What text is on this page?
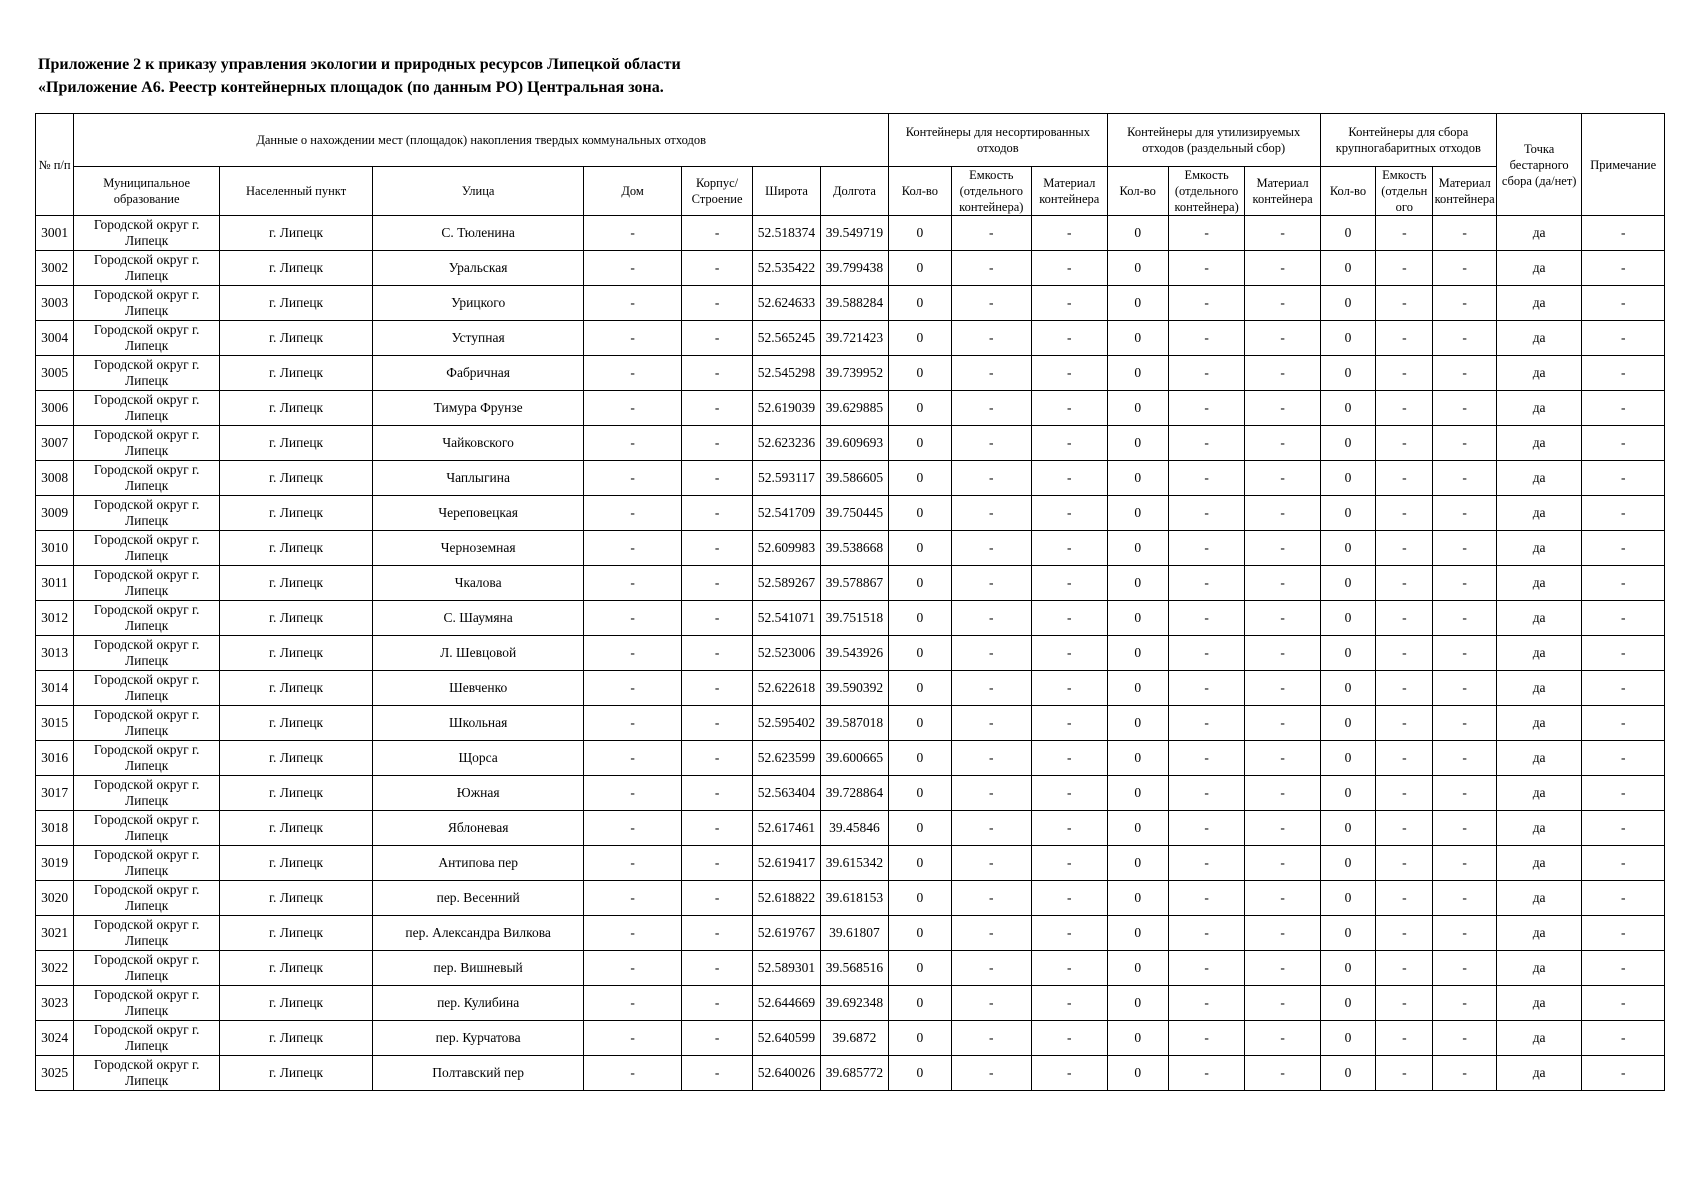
Приложение 2 к приказу управления экологии и природных ресурсов Липецкой области
«Приложение А6. Реестр контейнерных площадок (по данным РО) Центральная зона.
№ п/п	Данные о нахождении мест (площадок) накопления твердых коммунальных отходов							Контейнеры для несортированных отходов			Контейнеры для утилизируемых отходов (раздельный сбор)			Контейнеры для сбора крупногабаритных отходов			Точка бестарного сбора (да/нет)	Примечание
	Муниципальное образование	Населенный пункт	Улица	Дом	Корпус/ Строение	Широта	Долгота	Кол-во	Емкость (отдельного контейнера)	Материал контейнера	Кол-во	Емкость (отдельного контейнера)	Материал контейнера	Кол-во	Емкость (отдельн ого	Материал контейнера		
3001	Городской округ г. Липецк	г. Липецк	С. Тюленина	-	-	52.518374	39.549719	0	-	-	0	-	-	0	-	-	да	-
3002	Городской округ г. Липецк	г. Липецк	Уральская	-	-	52.535422	39.799438	0	-	-	0	-	-	0	-	-	да	-
3003	Городской округ г. Липецк	г. Липецк	Урицкого	-	-	52.624633	39.588284	0	-	-	0	-	-	0	-	-	да	-
3004	Городской округ г. Липецк	г. Липецк	Уступная	-	-	52.565245	39.721423	0	-	-	0	-	-	0	-	-	да	-
3005	Городской округ г. Липецк	г. Липецк	Фабричная	-	-	52.545298	39.739952	0	-	-	0	-	-	0	-	-	да	-
3006	Городской округ г. Липецк	г. Липецк	Тимура Фрунзе	-	-	52.619039	39.629885	0	-	-	0	-	-	0	-	-	да	-
3007	Городской округ г. Липецк	г. Липецк	Чайковского	-	-	52.623236	39.609693	0	-	-	0	-	-	0	-	-	да	-
3008	Городской округ г. Липецк	г. Липецк	Чаплыгина	-	-	52.593117	39.586605	0	-	-	0	-	-	0	-	-	да	-
3009	Городской округ г. Липецк	г. Липецк	Череповецкая	-	-	52.541709	39.750445	0	-	-	0	-	-	0	-	-	да	-
3010	Городской округ г. Липецк	г. Липецк	Черноземная	-	-	52.609983	39.538668	0	-	-	0	-	-	0	-	-	да	-
3011	Городской округ г. Липецк	г. Липецк	Чкалова	-	-	52.589267	39.578867	0	-	-	0	-	-	0	-	-	да	-
3012	Городской округ г. Липецк	г. Липецк	С. Шаумяна	-	-	52.541071	39.751518	0	-	-	0	-	-	0	-	-	да	-
3013	Городской округ г. Липецк	г. Липецк	Л. Шевцовой	-	-	52.523006	39.543926	0	-	-	0	-	-	0	-	-	да	-
3014	Городской округ г. Липецк	г. Липецк	Шевченко	-	-	52.622618	39.590392	0	-	-	0	-	-	0	-	-	да	-
3015	Городской округ г. Липецк	г. Липецк	Школьная	-	-	52.595402	39.587018	0	-	-	0	-	-	0	-	-	да	-
3016	Городской округ г. Липецк	г. Липецк	Щорса	-	-	52.623599	39.600665	0	-	-	0	-	-	0	-	-	да	-
3017	Городской округ г. Липецк	г. Липецк	Южная	-	-	52.563404	39.728864	0	-	-	0	-	-	0	-	-	да	-
3018	Городской округ г. Липецк	г. Липецк	Яблоневая	-	-	52.617461	39.45846	0	-	-	0	-	-	0	-	-	да	-
3019	Городской округ г. Липецк	г. Липецк	Антипова пер	-	-	52.619417	39.615342	0	-	-	0	-	-	0	-	-	да	-
3020	Городской округ г. Липецк	г. Липецк	пер. Весенний	-	-	52.618822	39.618153	0	-	-	0	-	-	0	-	-	да	-
3021	Городской округ г. Липецк	г. Липецк	пер. Александра Вилкова	-	-	52.619767	39.61807	0	-	-	0	-	-	0	-	-	да	-
3022	Городской округ г. Липецк	г. Липецк	пер. Вишневый	-	-	52.589301	39.568516	0	-	-	0	-	-	0	-	-	да	-
3023	Городской округ г. Липецк	г. Липецк	пер. Кулибина	-	-	52.644669	39.692348	0	-	-	0	-	-	0	-	-	да	-
3024	Городской округ г. Липецк	г. Липецк	пер. Курчатова	-	-	52.640599	39.6872	0	-	-	0	-	-	0	-	-	да	-
3025	Городской округ г. Липецк	г. Липецк	Полтавский пер	-	-	52.640026	39.685772	0	-	-	0	-	-	0	-	-	да	-
